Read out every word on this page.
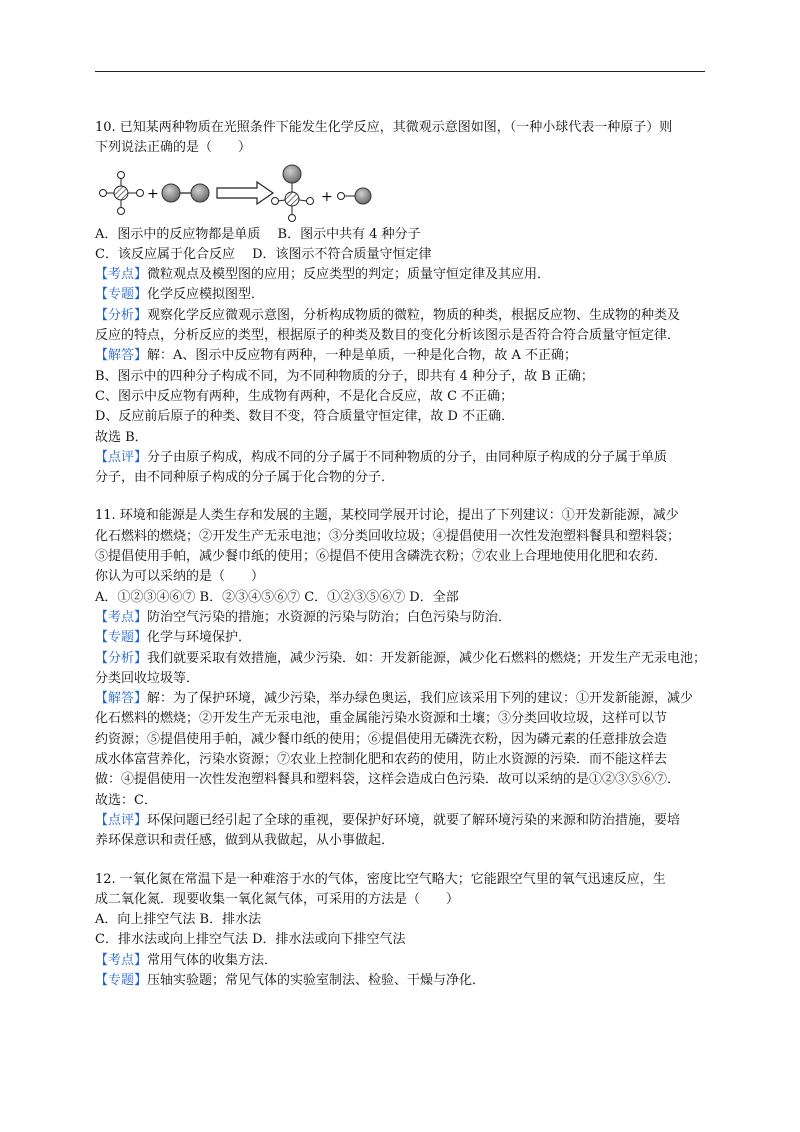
10. 已知某两种物质在光照条件下能发生化学反应，其微观示意图如图，（一种小球代表一种原子）则
下列说法正确的是（　　）
+	+
A．图示中的反应物都是单质　 B．图示中共有 4 种分子
C．该反应属于化合反应　 D．该图示不符合质量守恒定律
【考点】微粒观点及模型图的应用；反应类型的判定；质量守恒定律及其应用．
【专题】化学反应模拟图型．
【分析】观察化学反应微观示意图，分析构成物质的微粒，物质的种类，根据反应物、生成物的种类及
反应的特点，分析反应的类型，根据原子的种类及数目的变化分析该图示是否符合符合质量守恒定律．
【解答】解：A、图示中反应物有两种，一种是单质，一种是化合物，故 A 不正确；
B、图示中的四种分子构成不同，为不同种物质的分子，即共有 4 种分子，故 B 正确；
C、图示中反应物有两种，生成物有两种，不是化合反应，故 C 不正确；
D、反应前后原子的种类、数目不变，符合质量守恒定律，故 D 不正确．
故选 B．
【点评】分子由原子构成，构成不同的分子属于不同种物质的分子，由同种原子构成的分子属于单质
分子，由不同种原子构成的分子属于化合物的分子．
11. 环境和能源是人类生存和发展的主题，某校同学展开讨论，提出了下列建议：①开发新能源，减少
化石燃料的燃烧；②开发生产无汞电池；③分类回收垃圾；④提倡使用一次性发泡塑料餐具和塑料袋；
⑤提倡使用手帕，减少餐巾纸的使用；⑥提倡不使用含磷洗衣粉；⑦农业上合理地使用化肥和农药．
你认为可以采纳的是（　　）
A．①②③④⑥⑦ B．②③④⑤⑥⑦ C．①②③⑤⑥⑦ D．全部
【考点】防治空气污染的措施；水资源的污染与防治；白色污染与防治．
【专题】化学与环境保护．
【分析】我们就要采取有效措施，减少污染．如：开发新能源，减少化石燃料的燃烧；开发生产无汞电池；
分类回收垃圾等．
【解答】解：为了保护环境，减少污染，举办绿色奥运，我们应该采用下列的建议：①开发新能源，减少
化石燃料的燃烧；②开发生产无汞电池，重金属能污染水资源和土壤；③分类回收垃圾，这样可以节
约资源；⑤提倡使用手帕，减少餐巾纸的使用；⑥提倡使用无磷洗衣粉，因为磷元素的任意排放会造
成水体富营养化，污染水资源；⑦农业上控制化肥和农药的使用，防止水资源的污染．而不能这样去
做：④提倡使用一次性发泡塑料餐具和塑料袋，这样会造成白色污染．故可以采纳的是①②③⑤⑥⑦．
故选：C．
【点评】环保问题已经引起了全球的重视，要保护好环境，就要了解环境污染的来源和防治措施，要培
养环保意识和责任感，做到从我做起，从小事做起．
12. 一氧化氮在常温下是一种难溶于水的气体，密度比空气略大；它能跟空气里的氧气迅速反应，生
成二氧化氮．现要收集一氧化氮气体，可采用的方法是（　　）
A．向上排空气法 B．排水法
C．排水法或向上排空气法 D．排水法或向下排空气法
【考点】常用气体的收集方法．
【专题】压轴实验题；常见气体的实验室制法、检验、干燥与净化．
